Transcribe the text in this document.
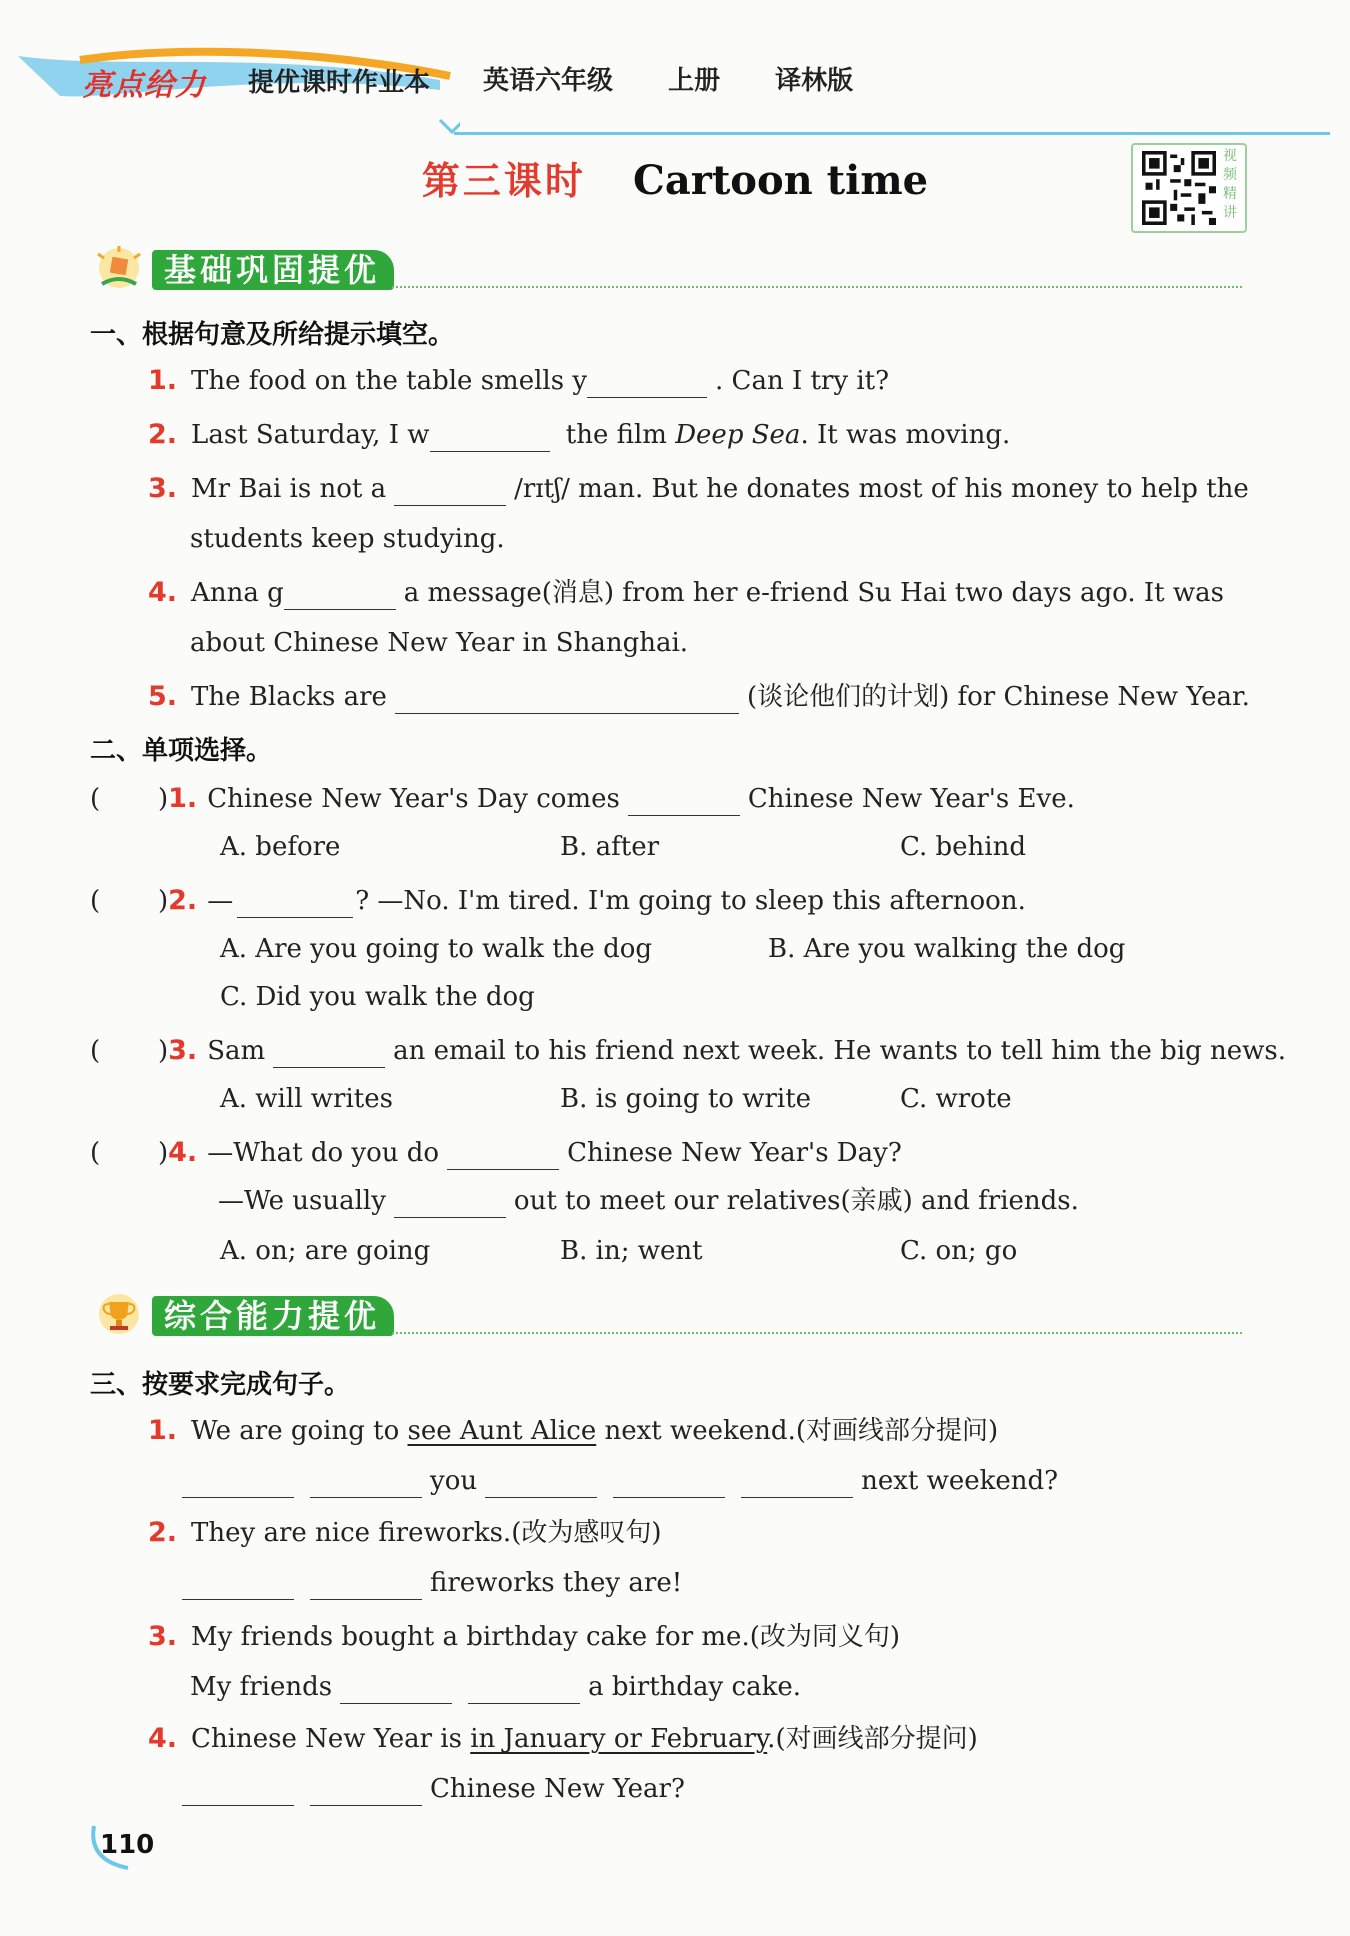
亮点给力 提优课时作业本 英语六年级 上册 译林版
第三课时 Cartoon time
视频精讲
基础巩固提优
一、根据句意及所给提示填空。
1. The food on the table smells y	. Can I try it?
2. Last Saturday, I w	the film Deep Sea. It was moving.
3. Mr Bai is not a	/rɪtʃ/ man. But he donates most of his money to help the
students keep studying.
4. Anna g	a message(消息) from her e-friend Su Hai two days ago. It was
about Chinese New Year in Shanghai.
5. The Blacks are	(谈论他们的计划) for Chinese New Year.
二、单项选择。
(       )1. Chinese New Year's Day comes	Chinese New Year's Eve.
A. before	B. after	C. behind
(       )2. —	? —No. I'm tired. I'm going to sleep this afternoon.
A. Are you going to walk the dog	B. Are you walking the dog
C. Did you walk the dog
(       )3. Sam	an email to his friend next week. He wants to tell him the big news.
A. will writes	B. is going to write	C. wrote
(       )4. —What do you do	Chinese New Year's Day?
—We usually	out to meet our relatives(亲戚) and friends.
A. on; are going	B. in; went	C. on; go
综合能力提优
三、按要求完成句子。
1. We are going to see Aunt Alice next weekend.(对画线部分提问)
you	next weekend?
2. They are nice fireworks.(改为感叹句)
fireworks they are!
3. My friends bought a birthday cake for me.(改为同义句)
My friends	a birthday cake.
4. Chinese New Year is in January or February.(对画线部分提问)
Chinese New Year?
110
